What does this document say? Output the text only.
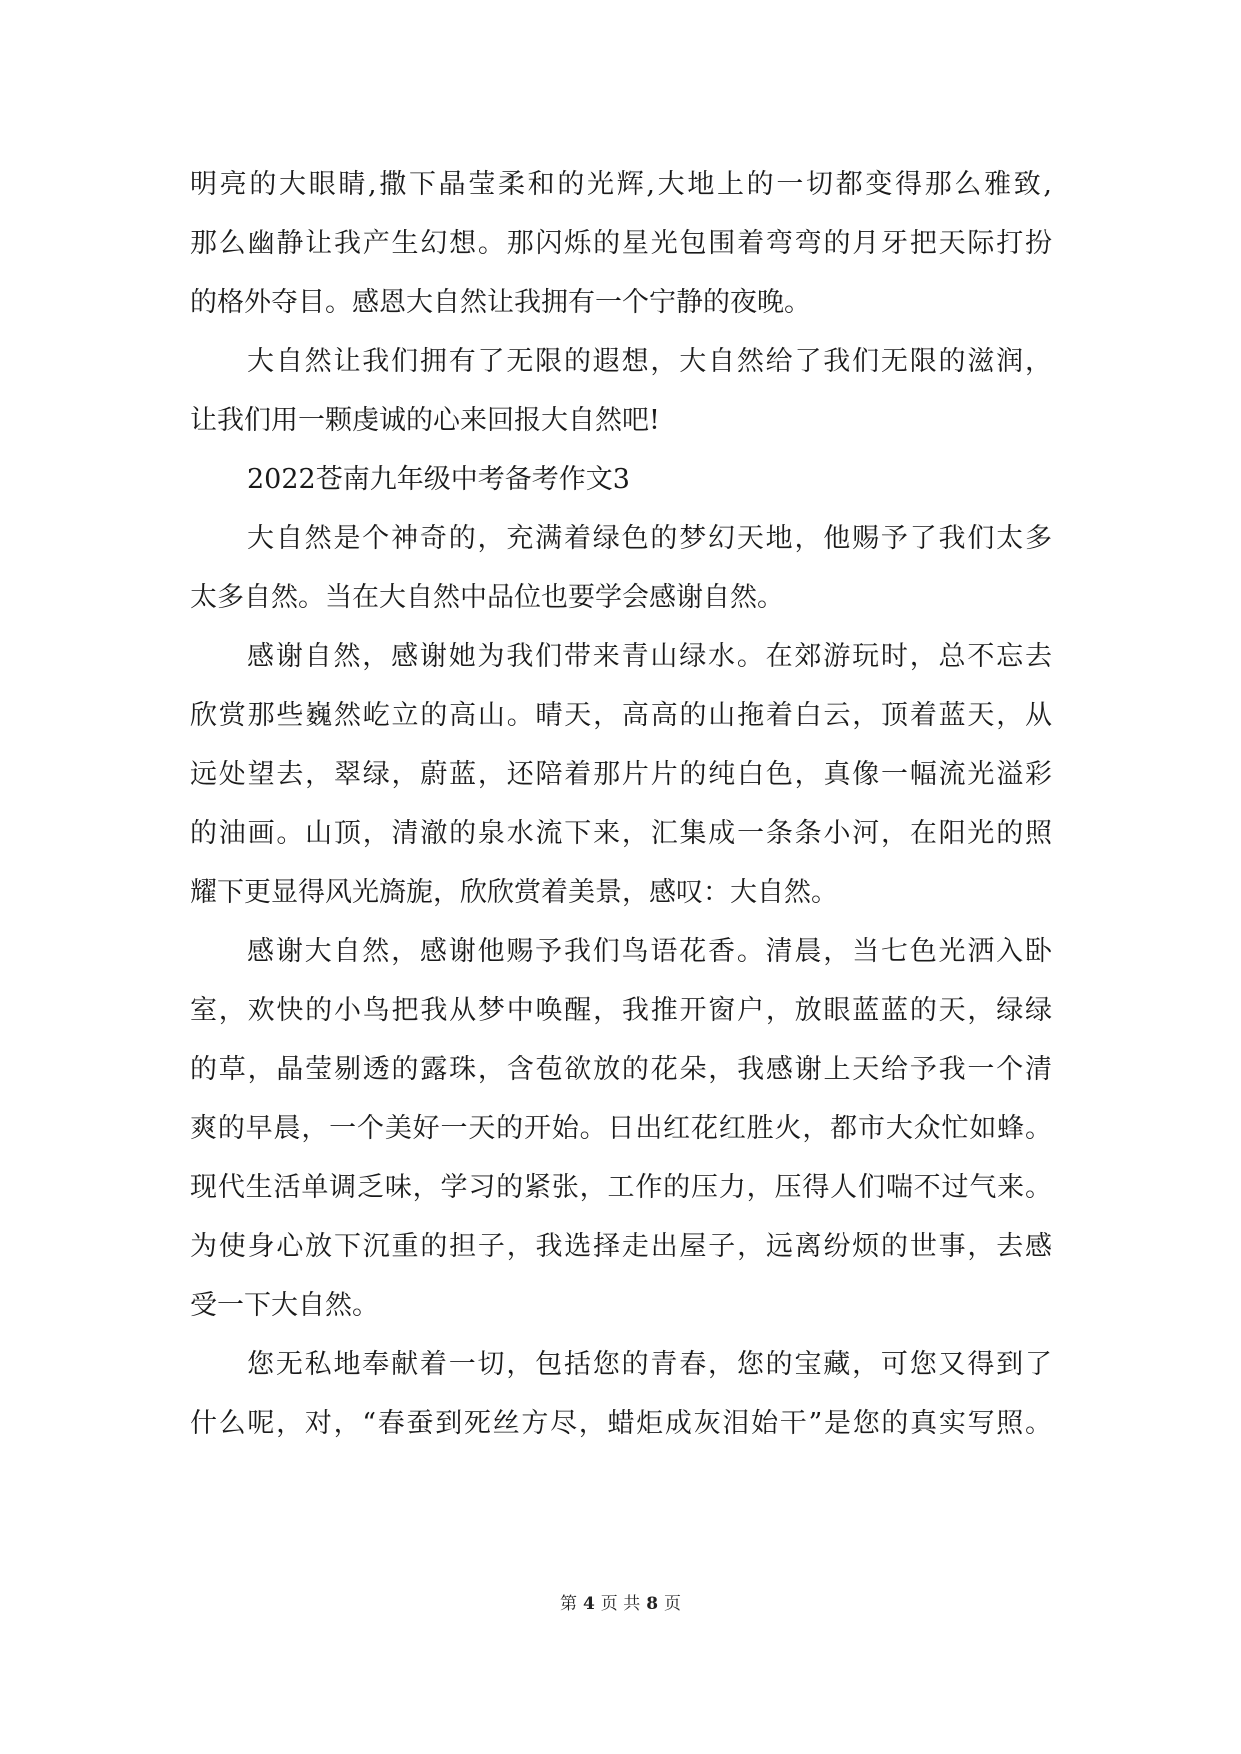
明亮的大眼睛,撒下晶莹柔和的光辉,大地上的一切都变得那么雅致,
那么幽静让我产生幻想。那闪烁的星光包围着弯弯的月牙把天际打扮
的格外夺目。感恩大自然让我拥有一个宁静的夜晚。
大自然让我们拥有了无限的遐想，大自然给了我们无限的滋润，
让我们用一颗虔诚的心来回报大自然吧!
2022苍南九年级中考备考作文3
大自然是个神奇的，充满着绿色的梦幻天地，他赐予了我们太多
太多自然。当在大自然中品位也要学会感谢自然。
感谢自然，感谢她为我们带来青山绿水。在郊游玩时，总不忘去
欣赏那些巍然屹立的高山。晴天，高高的山拖着白云，顶着蓝天，从
远处望去，翠绿，蔚蓝，还陪着那片片的纯白色，真像一幅流光溢彩
的油画。山顶，清澈的泉水流下来，汇集成一条条小河，在阳光的照
耀下更显得风光旖旎，欣欣赏着美景，感叹：大自然。
感谢大自然，感谢他赐予我们鸟语花香。清晨，当七色光洒入卧
室，欢快的小鸟把我从梦中唤醒，我推开窗户，放眼蓝蓝的天，绿绿
的草，晶莹剔透的露珠，含苞欲放的花朵，我感谢上天给予我一个清
爽的早晨，一个美好一天的开始。日出红花红胜火，都市大众忙如蜂。
现代生活单调乏味，学习的紧张，工作的压力，压得人们喘不过气来。
为使身心放下沉重的担子，我选择走出屋子，远离纷烦的世事，去感
受一下大自然。
您无私地奉献着一切，包括您的青春，您的宝藏，可您又得到了
什么呢，对，“春蚕到死丝方尽，蜡炬成灰泪始干”是您的真实写照。
第 4 页 共 8 页
